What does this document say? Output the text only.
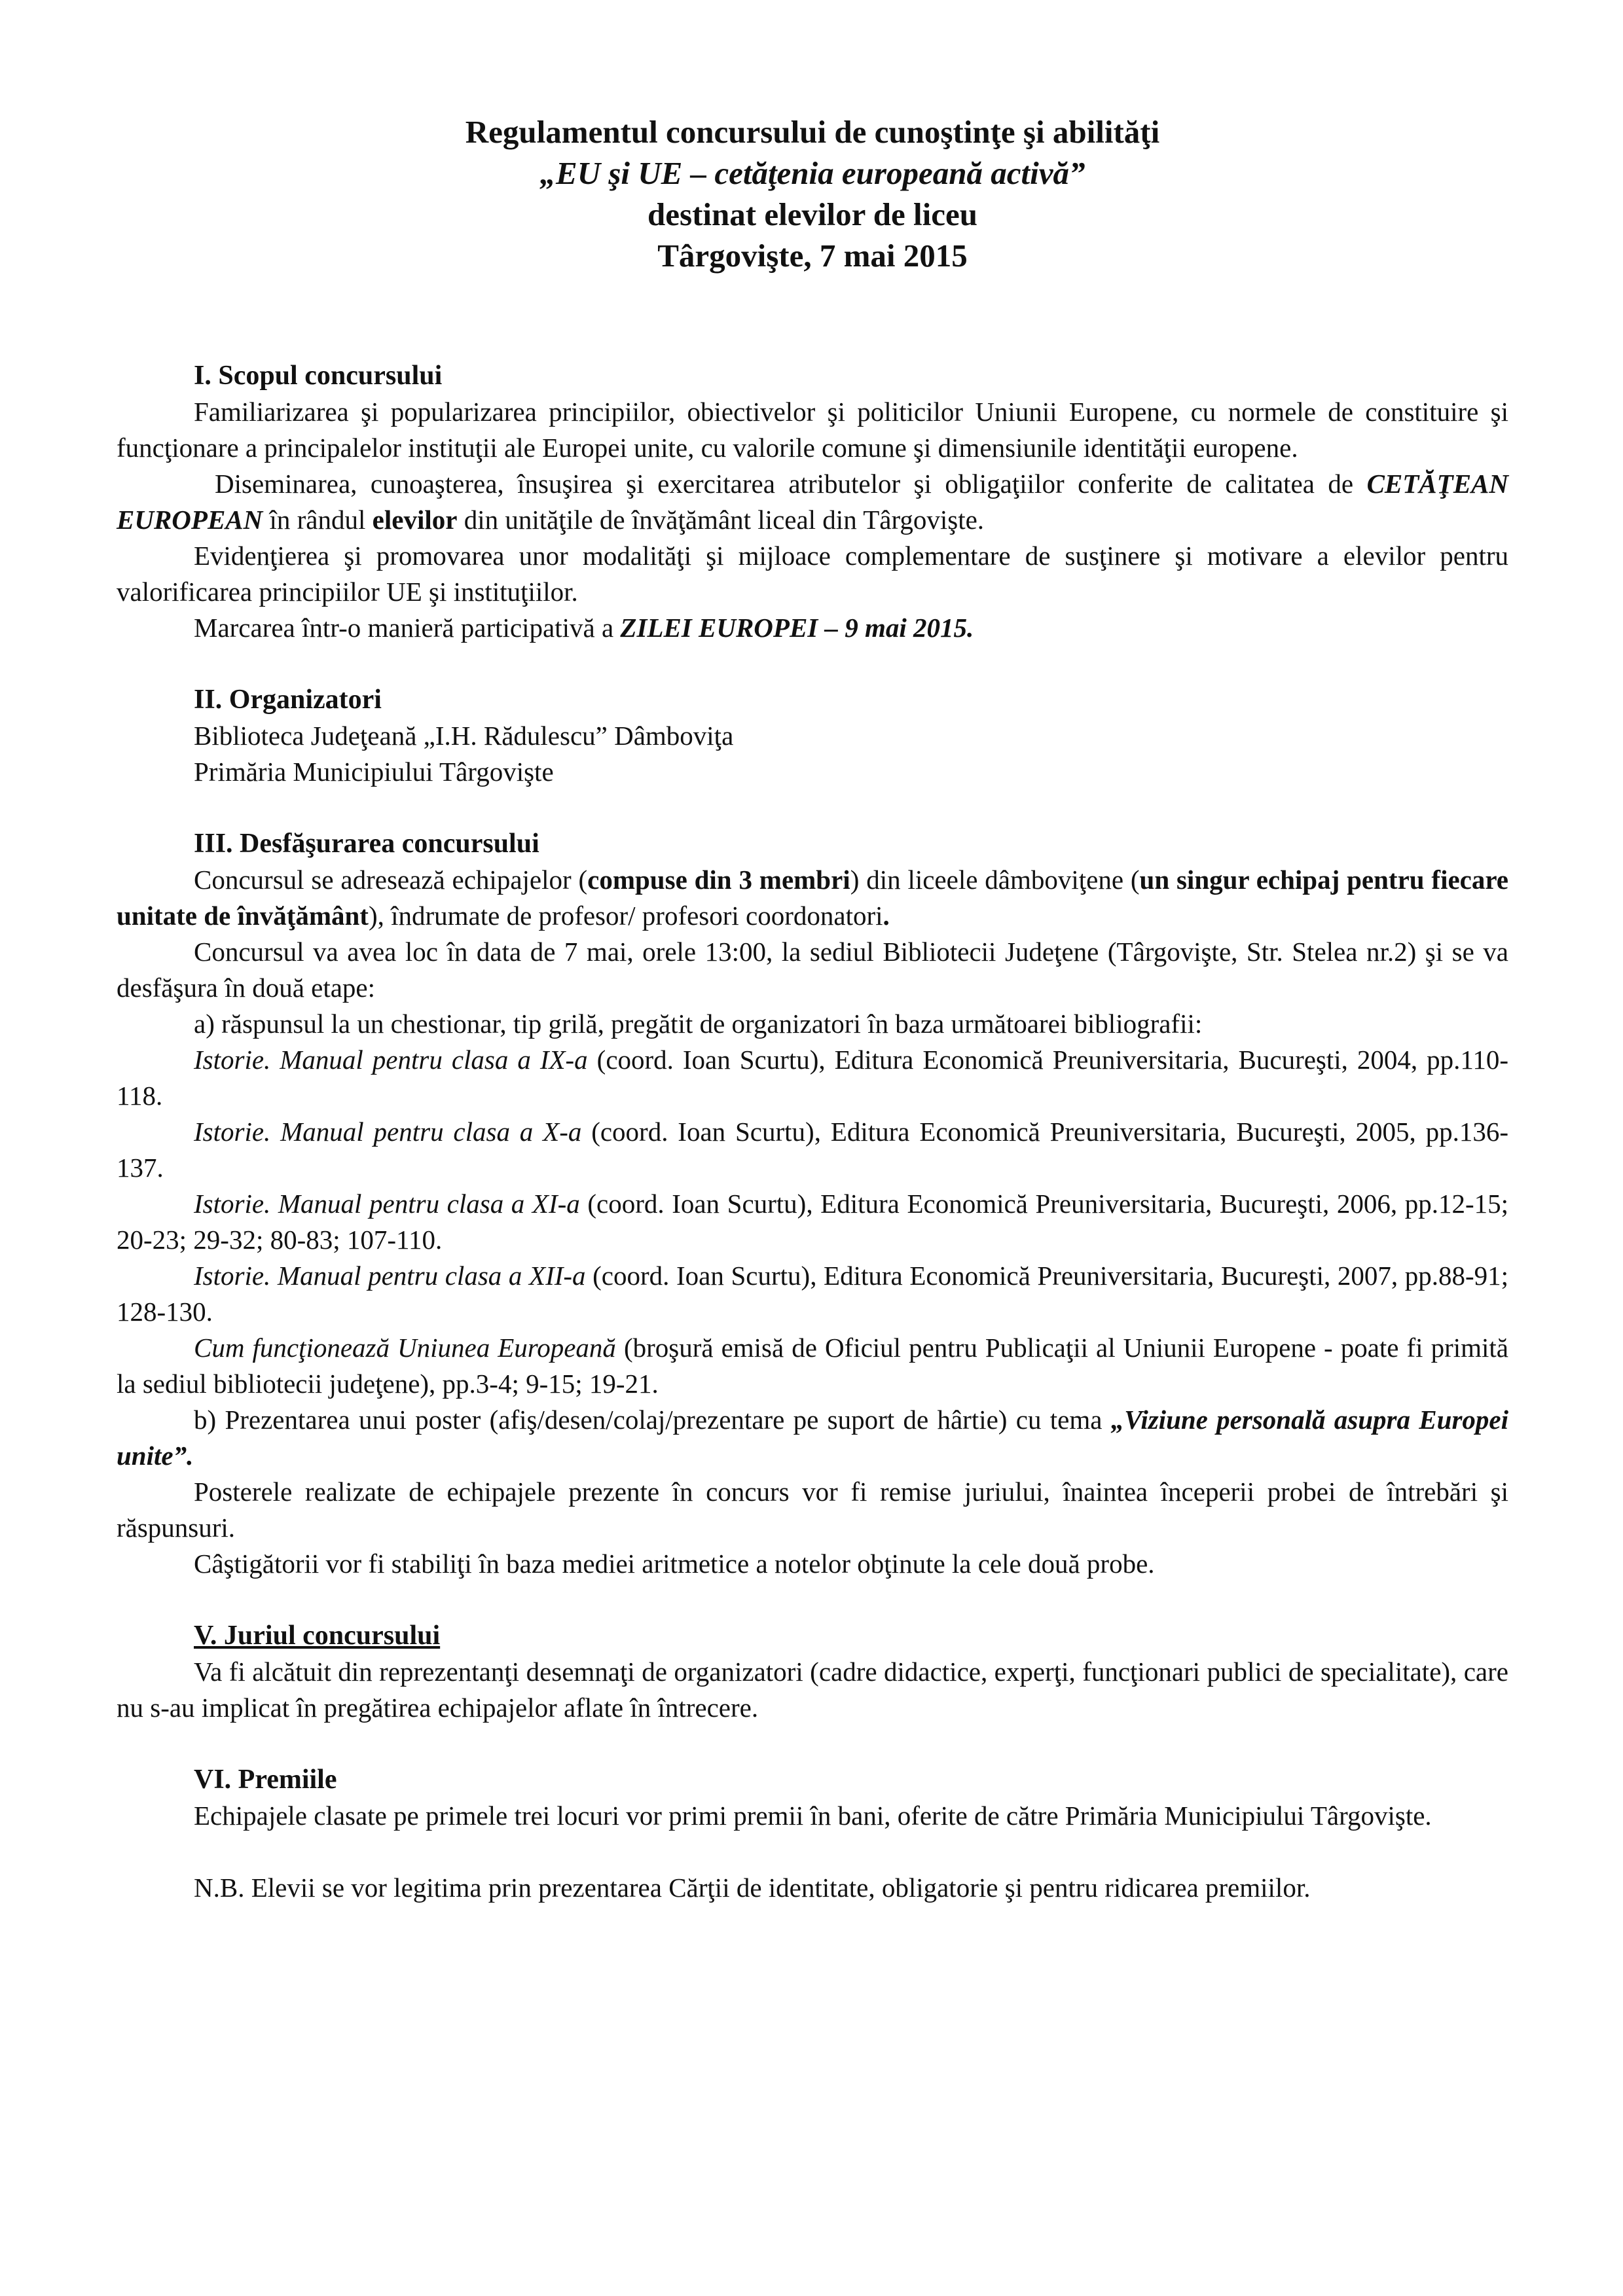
Regulamentul concursului de cunoştinţe şi abilităţi
„EU şi UE – cetăţenia europeană activă”
destinat elevilor de liceu
Târgovişte, 7 mai 2015
I. Scopul concursului

Familiarizarea şi popularizarea principiilor, obiectivelor şi politicilor Uniunii Europene, cu normele de constituire şi funcţionare a principalelor instituţii ale Europei unite, cu valorile comune şi dimensiunile identităţii europene.

Diseminarea, cunoaşterea, însuşirea şi exercitarea atributelor şi obligaţiilor conferite de calitatea de CETĂŢEAN EUROPEAN în rândul elevilor din unităţile de învăţământ liceal din Târgovişte.

Evidenţierea şi promovarea unor modalităţi şi mijloace complementare de susţinere şi motivare a elevilor pentru valorificarea principiilor UE şi instituţiilor.

Marcarea într-o manieră participativă a ZILEI EUROPEI – 9 mai 2015.

II. Organizatori

Biblioteca Judeţeană „I.H. Rădulescu” Dâmboviţa

Primăria Municipiului Târgovişte

III. Desfăşurarea concursului

Concursul se adresează echipajelor (compuse din 3 membri) din liceele dâmboviţene (un singur echipaj pentru fiecare unitate de învăţământ), îndrumate de profesor/ profesori coordonatori.

Concursul va avea loc în data de 7 mai, orele 13:00, la sediul Bibliotecii Judeţene (Târgovişte, Str. Stelea nr.2) şi se va desfăşura în două etape:

a) răspunsul la un chestionar, tip grilă, pregătit de organizatori în baza următoarei bibliografii:

Istorie. Manual pentru clasa a IX-a (coord. Ioan Scurtu), Editura Economică Preuniversitaria, Bucureşti, 2004, pp.110-118.

Istorie. Manual pentru clasa a X-a (coord. Ioan Scurtu), Editura Economică Preuniversitaria, Bucureşti, 2005, pp.136-137.

Istorie. Manual pentru clasa a XI-a (coord. Ioan Scurtu), Editura Economică Preuniversitaria, Bucureşti, 2006, pp.12-15; 20-23; 29-32; 80-83; 107-110.

Istorie. Manual pentru clasa a XII-a (coord. Ioan Scurtu), Editura Economică Preuniversitaria, Bucureşti, 2007, pp.88-91; 128-130.

Cum funcţionează Uniunea Europeană (broşură emisă de Oficiul pentru Publicaţii al Uniunii Europene - poate fi primită la sediul bibliotecii judeţene), pp.3-4; 9-15; 19-21.

b) Prezentarea unui poster (afiş/desen/colaj/prezentare pe suport de hârtie) cu tema „Viziune personală asupra Europei unite”.

Posterele realizate de echipajele prezente în concurs vor fi remise juriului, înaintea începerii probei de întrebări şi răspunsuri.

Câştigătorii vor fi stabiliţi în baza mediei aritmetice a notelor obţinute la cele două probe.

V. Juriul concursului

Va fi alcătuit din reprezentanţi desemnaţi de organizatori (cadre didactice, experţi, funcţionari publici de specialitate), care nu s-au implicat în pregătirea echipajelor aflate în întrecere.

VI. Premiile

Echipajele clasate pe primele trei locuri vor primi premii în bani, oferite de către Primăria Municipiului Târgovişte.

N.B. Elevii se vor legitima prin prezentarea Cărţii de identitate, obligatorie şi pentru ridicarea premiilor.
